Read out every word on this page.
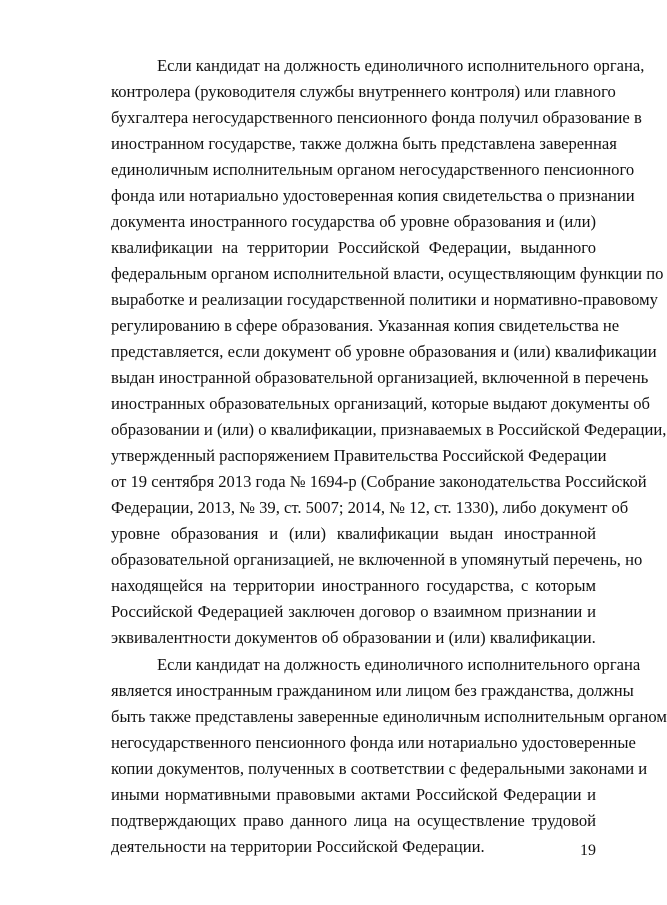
Если кандидат на должность единоличного исполнительного органа,
контролера (руководителя службы внутреннего контроля) или главного
бухгалтера негосударственного пенсионного фонда получил образование в
иностранном государстве, также должна быть представлена заверенная
единоличным исполнительным органом негосударственного пенсионного
фонда или нотариально удостоверенная копия свидетельства о признании
документа иностранного государства об уровне образования и (или)
квалификации на территории Российской Федерации, выданного
федеральным органом исполнительной власти, осуществляющим функции по
выработке и реализации государственной политики и нормативно-правовому
регулированию в сфере образования. Указанная копия свидетельства не
представляется, если документ об уровне образования и (или) квалификации
выдан иностранной образовательной организацией, включенной в перечень
иностранных образовательных организаций, которые выдают документы об
образовании и (или) о квалификации, признаваемых в Российской Федерации,
утвержденный распоряжением Правительства Российской Федерации
от 19 сентября 2013 года № 1694-р (Собрание законодательства Российской
Федерации, 2013, № 39, ст. 5007; 2014, № 12, ст. 1330), либо документ об
уровне образования и (или) квалификации выдан иностранной
образовательной организацией, не включенной в упомянутый перечень, но
находящейся на территории иностранного государства, с которым
Российской Федерацией заключен договор о взаимном признании и
эквивалентности документов об образовании и (или) квалификации.
Если кандидат на должность единоличного исполнительного органа
является иностранным гражданином или лицом без гражданства, должны
быть также представлены заверенные единоличным исполнительным органом
негосударственного пенсионного фонда или нотариально удостоверенные
копии документов, полученных в соответствии с федеральными законами и
иными нормативными правовыми актами Российской Федерации и
подтверждающих право данного лица на осуществление трудовой
деятельности на территории Российской Федерации.	19
